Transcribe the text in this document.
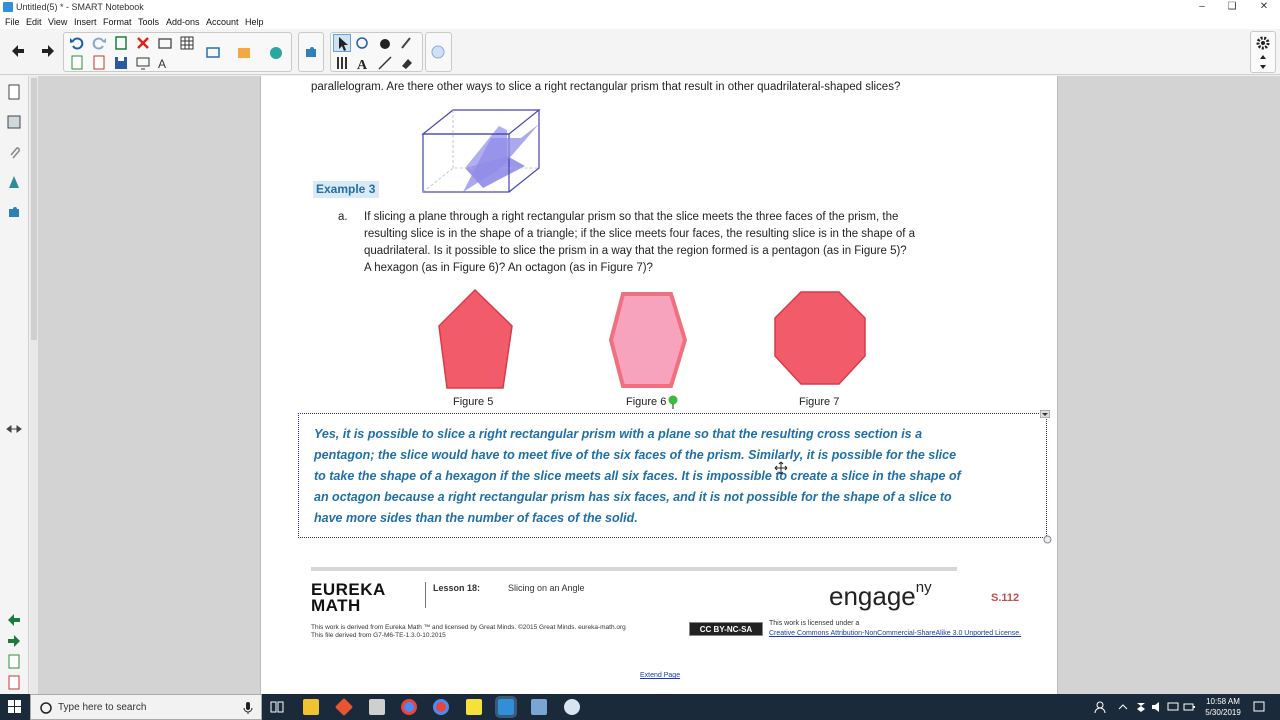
Untitled(5) * - SMART Notebook	–	❏	✕
File Edit View Insert Format Tools Add-ons Account Help
A	A
parallelogram. Are there other ways to slice a right rectangular prism that result in other quadrilateral-shaped slices?
Example 3
a. If slicing a plane through a right rectangular prism so that the slice meets the three faces of the prism, the
resulting slice is in the shape of a triangle; if the slice meets four faces, the resulting slice is in the shape of a
quadrilateral. Is it possible to slice the prism in a way that the region formed is a pentagon (as in Figure 5)?
A hexagon (as in Figure 6)? An octagon (as in Figure 7)?
Figure 5	Figure 6	Figure 7
Yes, it is possible to slice a right rectangular prism with a plane so that the resulting cross section is a
pentagon; the slice would have to meet five of the six faces of the prism. Similarly, it is possible for the slice
to take the shape of a hexagon if the slice meets all six faces. It is impossible to create a slice in the shape of
an octagon because a right rectangular prism has six faces, and it is not possible for the shape of a slice to
have more sides than the number of faces of the solid.
EUREKA
MATH
Lesson 18:	Slicing on an Angle	engage$^{ny}$
S.112
This work is derived from Eureka Math ™ and licensed by Great Minds. ©2015 Great Minds. eureka-math.org
This file derived from G7-M6-TE-1.3.0-10.2015
CC BY-NC-SA
This work is licensed under a
Creative Commons Attribution-NonCommercial-ShareAlike 3.0 Unported License.
Extend Page
Type here to search
10:58 AM
5/30/2019
